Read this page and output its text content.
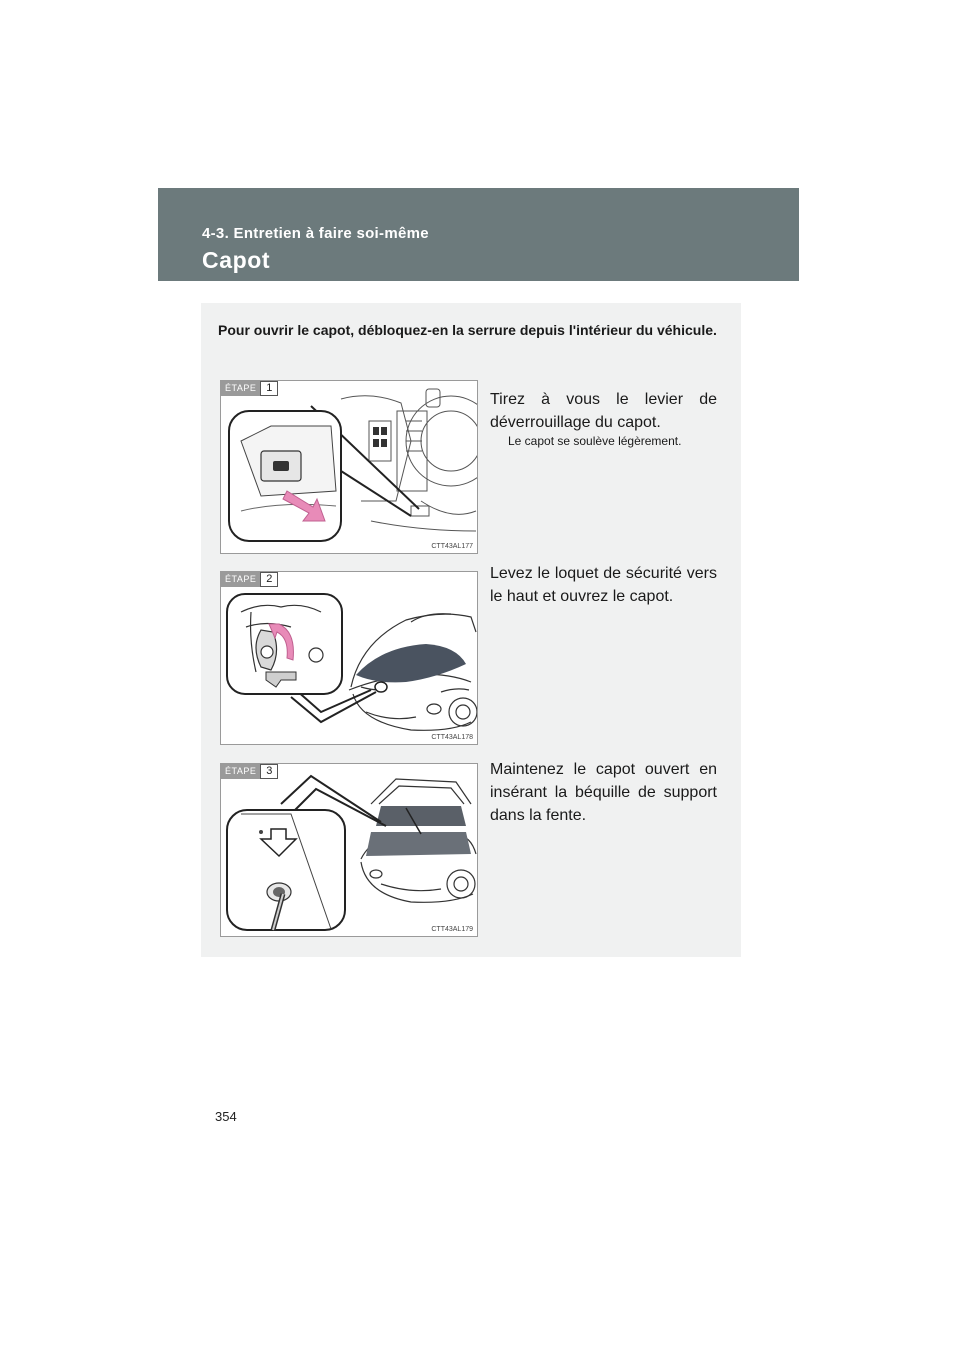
4-3. Entretien à faire soi-même
Capot
Pour ouvrir le capot, débloquez-en la serrure depuis l'intérieur du véhicule.
ÉTAPE 1
CTT43AL177
Tirez à vous le levier de déverrouillage du capot.
Le capot se soulève légèrement.
ÉTAPE 2
CTT43AL178
Levez le loquet de sécurité vers le haut et ouvrez le capot.
ÉTAPE 3
CTT43AL179
Maintenez le capot ouvert en insérant la béquille de support dans la fente.
354
